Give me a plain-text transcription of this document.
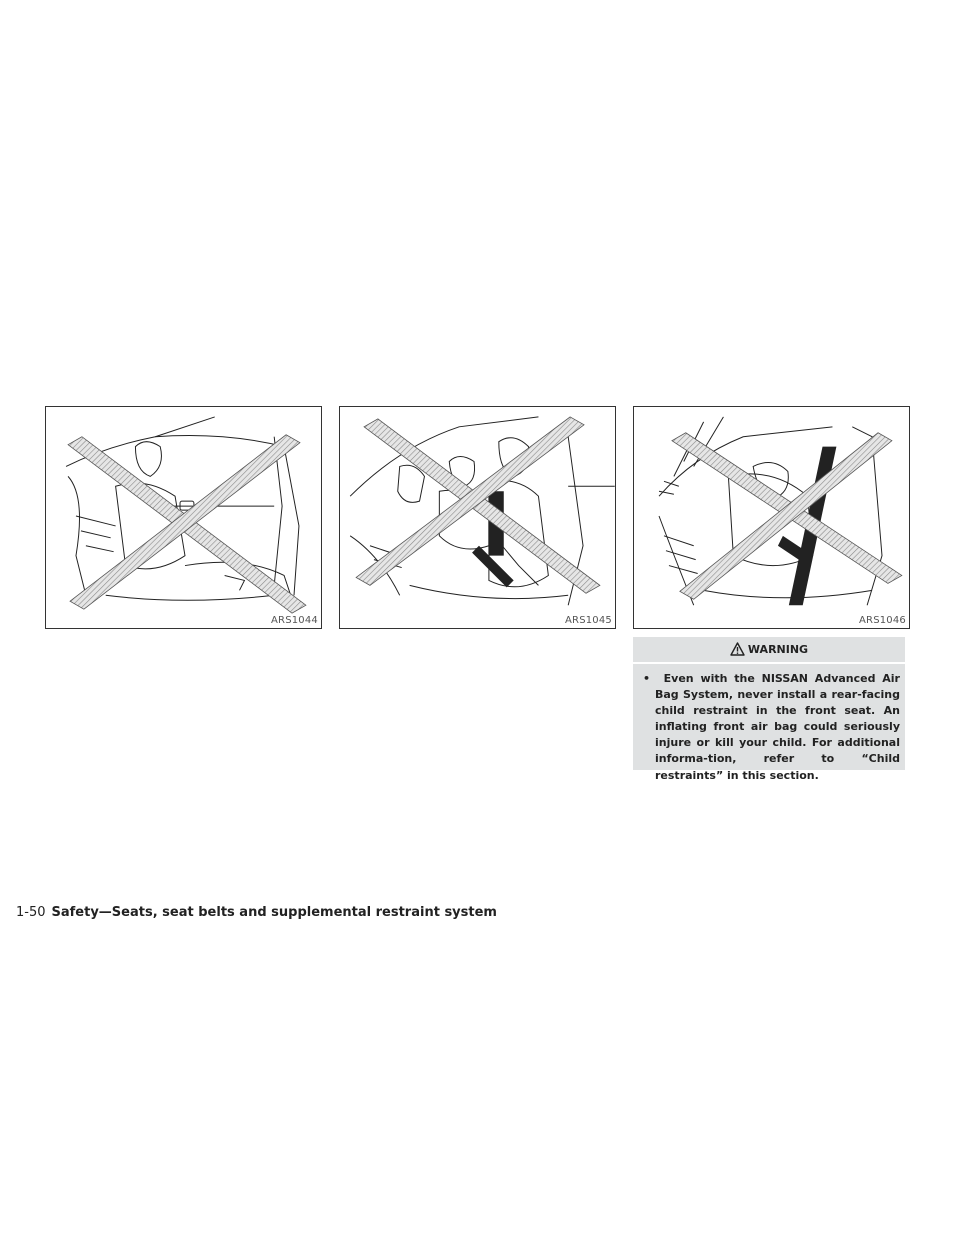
ARS1044	ARS1045	ARS1046
WARNING
• Even with the NISSAN Advanced Air Bag System, never install a rear-facing child restraint in the front seat. An inflating front air bag could seriously injure or kill your child. For additional informa-tion, refer to “Child restraints” in this section.
1-50 Safety—Seats, seat belts and supplemental restraint system
